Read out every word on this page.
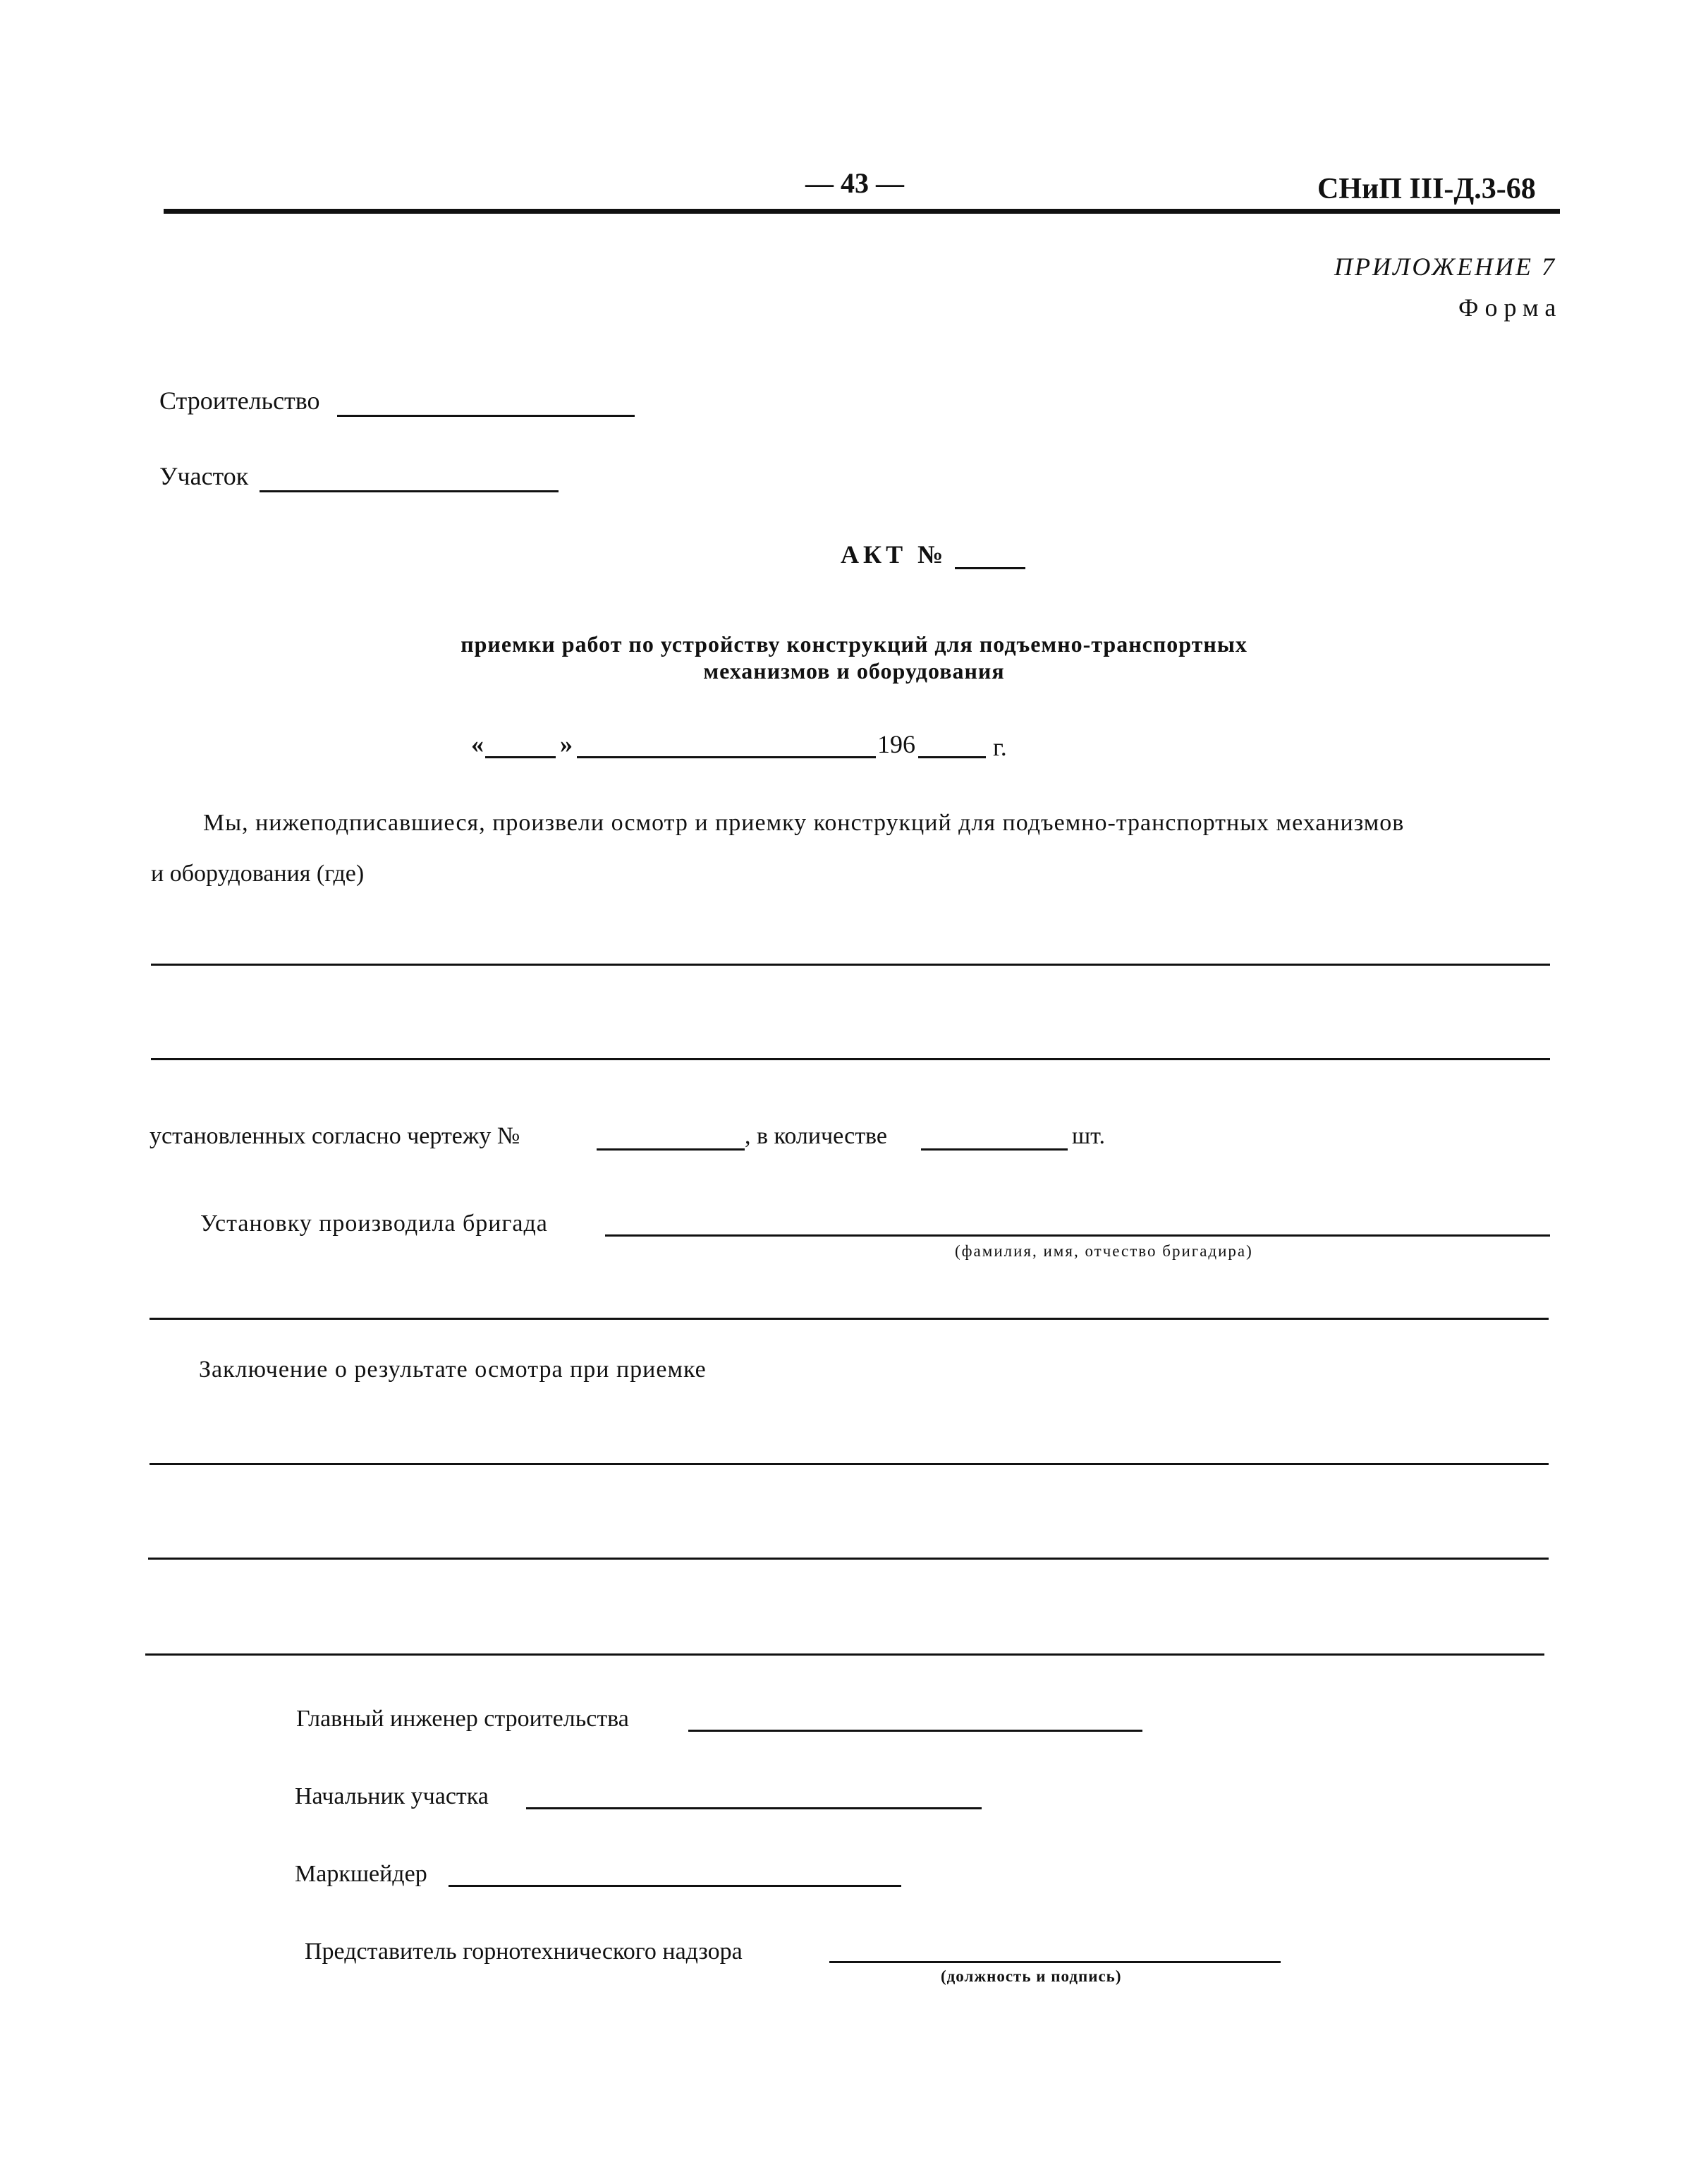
— 43 —	СНиП III-Д.3-68
ПРИЛОЖЕНИЕ 7
Форма
Строительство
Участок
АКТ №
приемки работ по устройству конструкций для подъемно-транспортных
механизмов и оборудования
«	»	196	г.
Мы, нижеподписавшиеся, произвели осмотр и приемку конструкций для подъемно-транспортных механизмов
и оборудования (где)
установленных согласно чертежу №	, в количестве	шт.
Установку производила бригада
(фамилия, имя, отчество бригадира)
Заключение о результате осмотра при приемке
Главный инженер строительства
Начальник участка
Маркшейдер
Представитель горнотехнического надзора
(должность и подпись)
